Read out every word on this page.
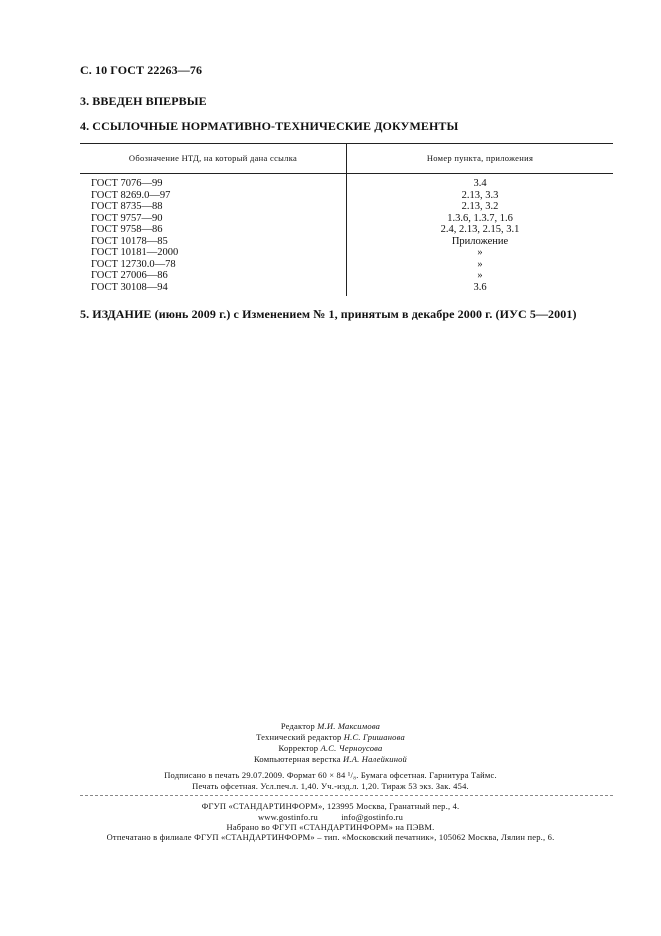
С. 10 ГОСТ 22263—76
3. ВВЕДЕН ВПЕРВЫЕ
4. ССЫЛОЧНЫЕ НОРМАТИВНО-ТЕХНИЧЕСКИЕ ДОКУМЕНТЫ
Обозначение НТД, на который дана ссылка	Номер пункта, приложения
ГОСТ 7076—99	3.4
ГОСТ 8269.0—97	2.13, 3.3
ГОСТ 8735—88	2.13, 3.2
ГОСТ 9757—90	1.3.6, 1.3.7, 1.6
ГОСТ 9758—86	2.4, 2.13, 2.15, 3.1
ГОСТ 10178—85	Приложение
ГОСТ 10181—2000	»
ГОСТ 12730.0—78	»
ГОСТ 27006—86	»
ГОСТ 30108—94	3.6
5. ИЗДАНИЕ (июнь 2009 г.) с Изменением № 1, принятым в декабре 2000 г. (ИУС 5—2001)
Редактор М.И. Максимова
Технический редактор Н.С. Гришанова
Корректор А.С. Черноусова
Компьютерная верстка И.А. Налейкиной
Подписано в печать 29.07.2009. Формат 60 × 84 ¹/₈. Бумага офсетная. Гарнитура Таймс.
Печать офсетная. Усл.печ.л. 1,40. Уч.-изд.л. 1,20. Тираж 53 экз. Зак. 454.
ФГУП «СТАНДАРТИНФОРМ», 123995 Москва, Гранатный пер., 4.
www.gostinfo.ru	info@gostinfo.ru
Набрано во ФГУП «СТАНДАРТИНФОРМ» на ПЭВМ.
Отпечатано в филиале ФГУП «СТАНДАРТИНФОРМ» – тип. «Московский печатник», 105062 Москва, Лялин пер., 6.
